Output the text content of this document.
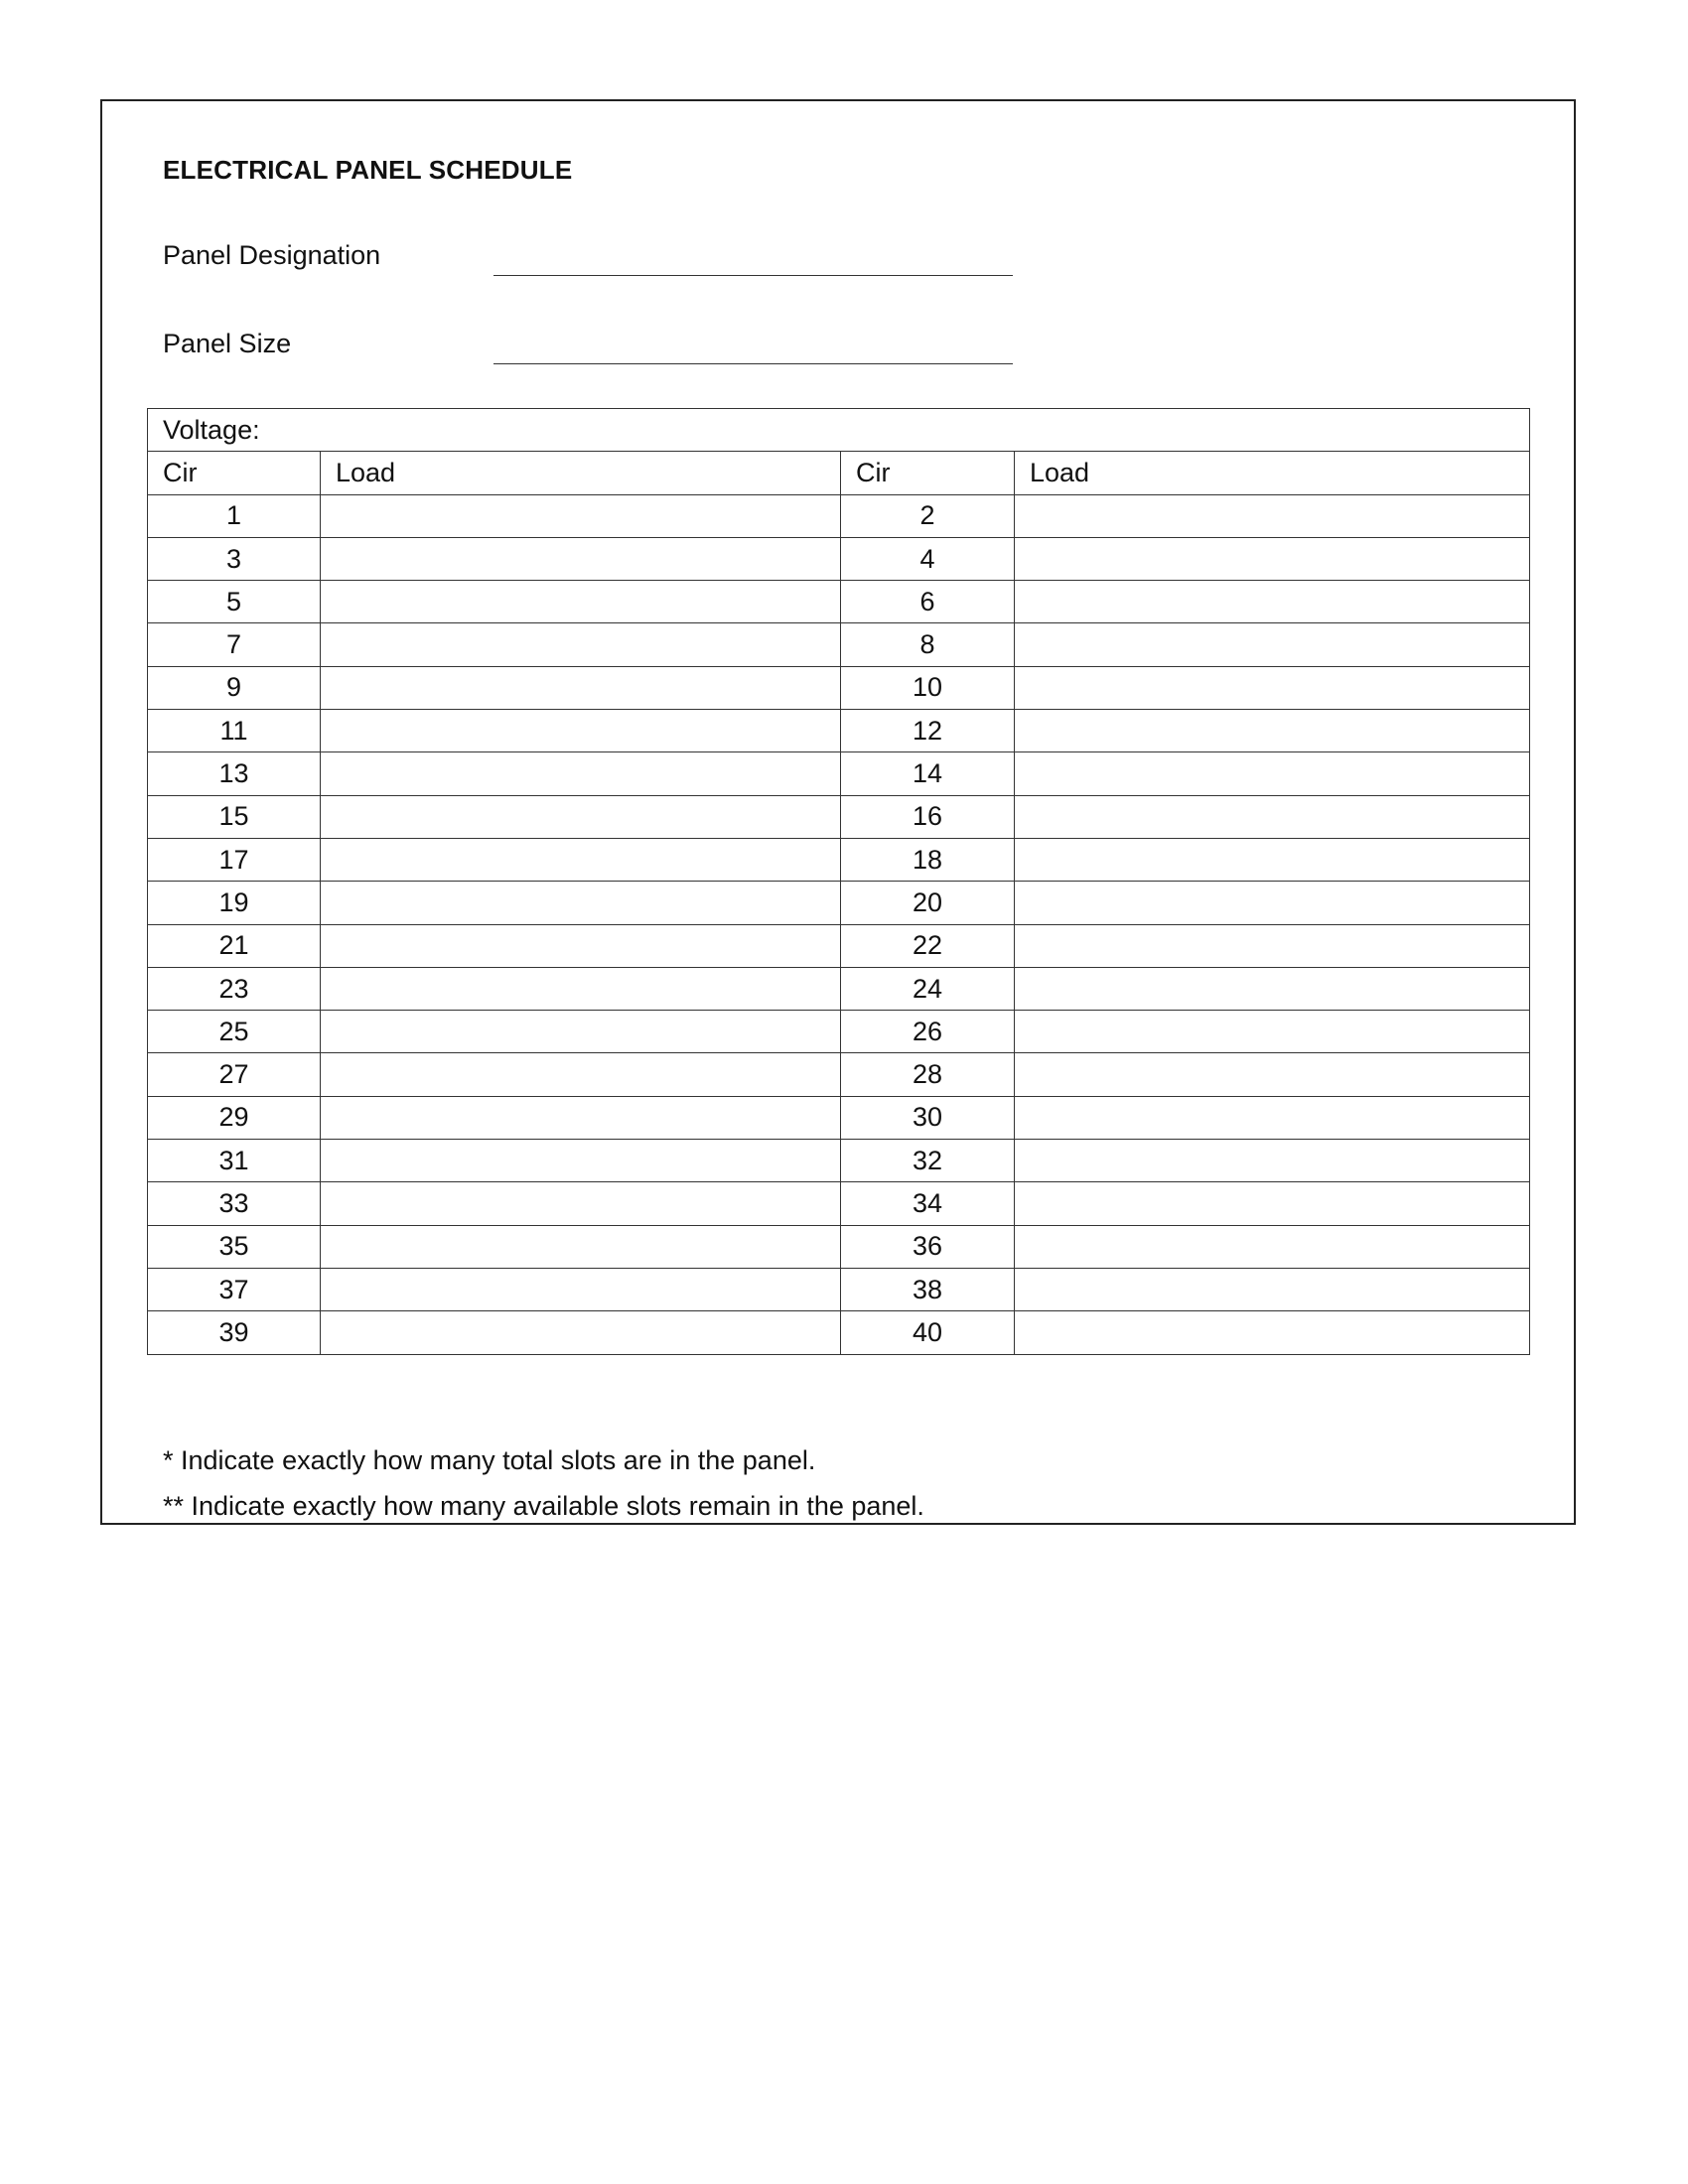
ELECTRICAL PANEL SCHEDULE
Panel Designation
Panel Size
Voltage:			
Cir	Load	Cir	Load
1		2	
3		4	
5		6	
7		8	
9		10	
11		12	
13		14	
15		16	
17		18	
19		20	
21		22	
23		24	
25		26	
27		28	
29		30	
31		32	
33		34	
35		36	
37		38	
39		40	
* Indicate exactly how many total slots are in the panel.
** Indicate exactly how many available slots remain in the panel.
